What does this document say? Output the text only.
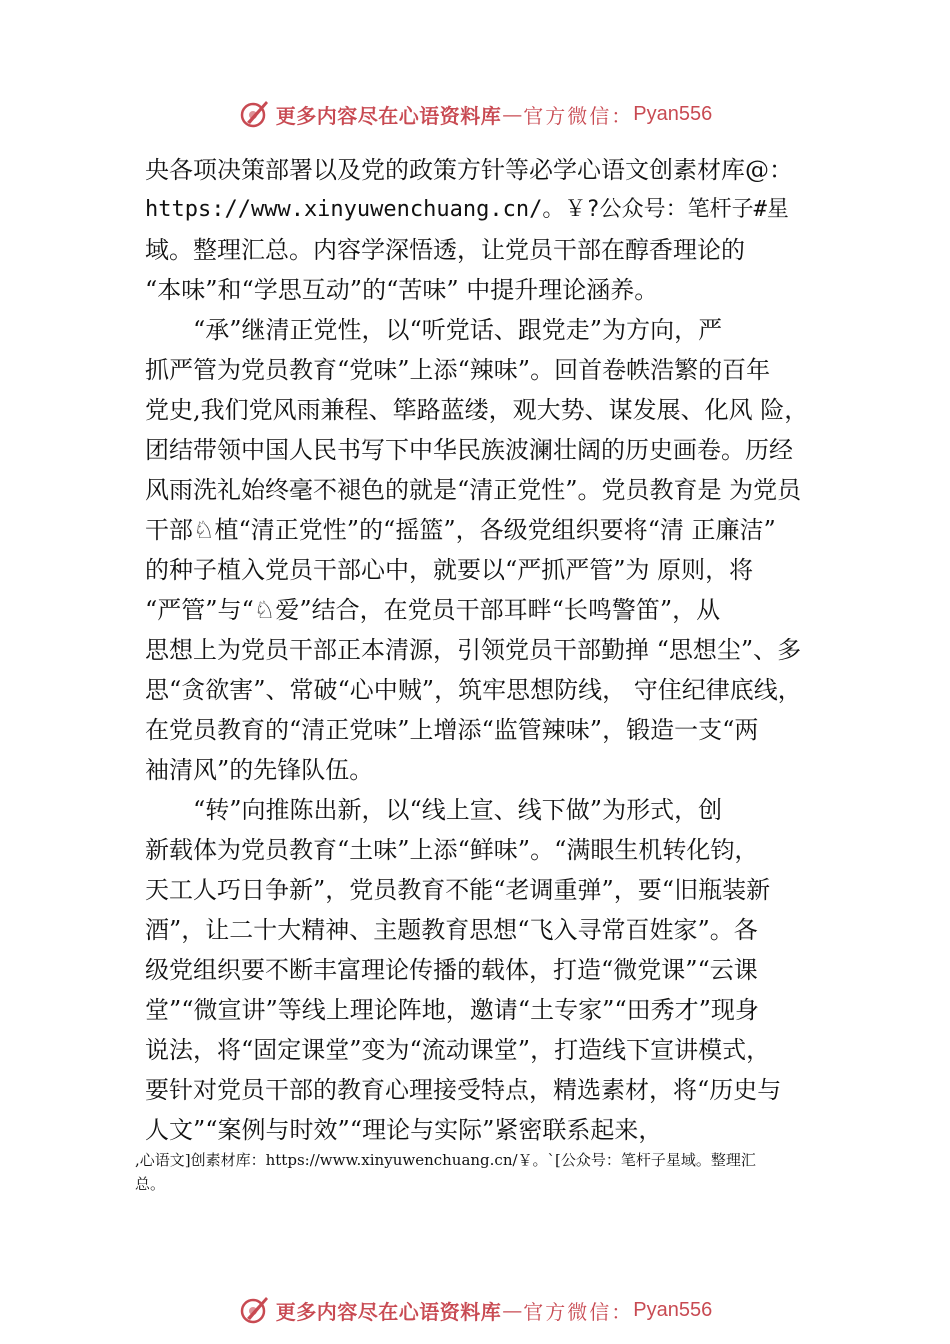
更多内容尽在心语资料库 — 官方微信： Pyan556
央各项决策部署以及党的政策方针等必学心语文创素材库@：
https://www.xinyuwenchuang.cn/。￥?公众号：笔杆子#星
域。整理汇总。内容学深悟透，让党员干部在醇香理论的
“本味”和“学思互动”的“苦味” 中提升理论涵养。
“承”继清正党性，以“听党话、跟党走”为方向，严
抓严管为党员教育“党味”上添“辣味”。回首卷帙浩繁的百年
党史,我们党风雨兼程、筚路蓝缕，观大势、谋发展、化风 险，
团结带领中国人民书写下中华民族波澜壮阔的历史画卷。历经
风雨洗礼始终毫不褪色的就是“清正党性”。党员教育是 为党员
干部♘植“清正党性”的“摇篮”，各级党组织要将“清 正廉洁”
的种子植入党员干部心中，就要以“严抓严管”为 原则，将
“严管”与“♘爱”结合，在党员干部耳畔“长鸣警笛”，从
思想上为党员干部正本清源，引领党员干部勤掸 “思想尘”、多
思“贪欲害”、常破“心中贼”，筑牢思想防线， 守住纪律底线，
在党员教育的“清正党味”上增添“监管辣味”，锻造一支“两
袖清风”的先锋队伍。
“转”向推陈出新，以“线上宣、线下做”为形式，创
新载体为党员教育“土味”上添“鲜味”。“满眼生机转化钧，
天工人巧日争新”，党员教育不能“老调重弹”，要“旧瓶装新
酒”，让二十大精神、主题教育思想“飞入寻常百姓家”。各
级党组织要不断丰富理论传播的载体，打造“微党课”“云课
堂”“微宣讲”等线上理论阵地，邀请“土专家”“田秀才”现身
说法，将“固定课堂”变为“流动课堂”，打造线下宣讲模式，
要针对党员干部的教育心理接受特点，精选素材，将“历史与
人文”“案例与时效”“理论与实际”紧密联系起来，
,心语文]创素材库：https://www.xinyuwenchuang.cn/￥。`[公众号：笔杆子星域。整理汇
总。
更多内容尽在心语资料库 — 官方微信： Pyan556
